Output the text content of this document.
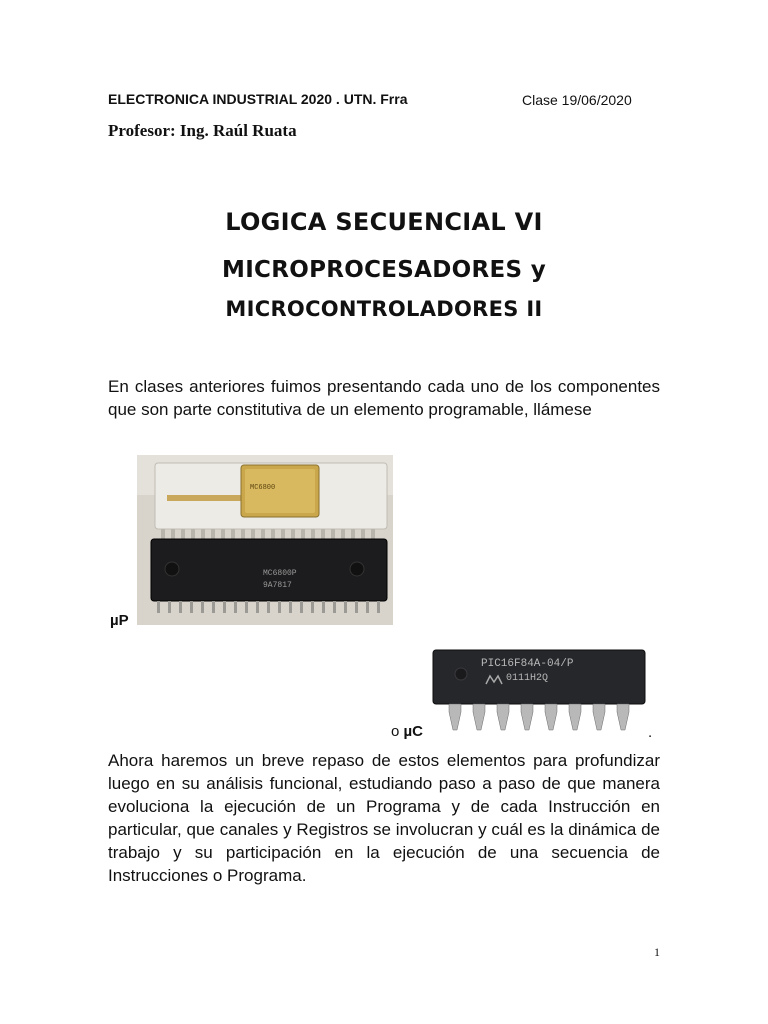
ELECTRONICA INDUSTRIAL 2020 . UTN. Frra	Clase 19/06/2020
Profesor: Ing. Raúl Ruata
LOGICA SECUENCIAL VI
MICROPROCESADORES y
MICROCONTROLADORES II
En clases anteriores fuimos presentando cada uno de los componentes que son parte constitutiva de un elemento programable, llámese
MC6800
MC6800P
9A7817
µP
PIC16F84A-04/P
0111H2Q
o µC	.
Ahora haremos un breve repaso de estos elementos para profundizar luego en su análisis funcional, estudiando paso a paso de que manera evoluciona la ejecución de un Programa y de cada Instrucción en particular, que canales y Registros se involucran y cuál es la dinámica de trabajo y su participación en la ejecución de una secuencia de Instrucciones o Programa.
1
